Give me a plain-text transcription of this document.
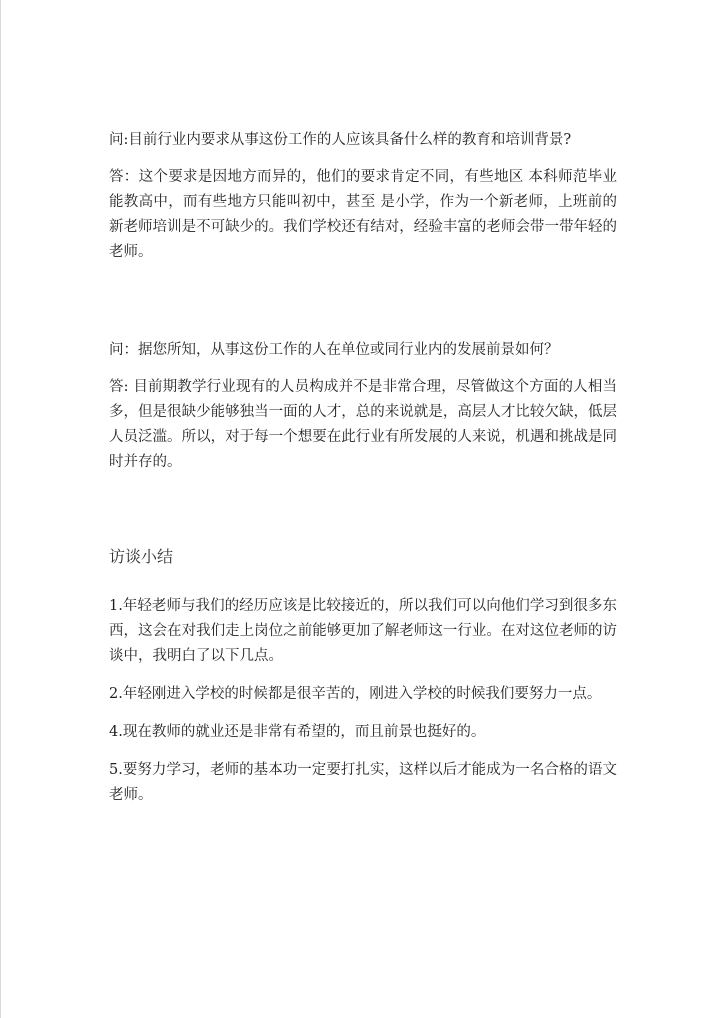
问:目前行业内要求从事这份工作的人应该具备什么样的教育和培训背景?

答：这个要求是因地方而异的，他们的要求肯定不同，有些地区 本科师范毕业能教高中，而有些地方只能叫初中，甚至 是小学，作为一个新老师，上班前的新老师培训是不可缺少的。我们学校还有结对，经验丰富的老师会带一带年轻的老师。

问：据您所知，从事这份工作的人在单位或同行业内的发展前景如何？

答: 目前期教学行业现有的人员构成并不是非常合理，尽管做这个方面的人相当多，但是很缺少能够独当一面的人才，总的来说就是，高层人才比较欠缺，低层人员泛滥。所以，对于每一个想要在此行业有所发展的人来说，机遇和挑战是同时并存的。

访谈小结

1.年轻老师与我们的经历应该是比较接近的，所以我们可以向他们学习到很多东西，这会在对我们走上岗位之前能够更加了解老师这一行业。在对这位老师的访谈中，我明白了以下几点。

2.年轻刚进入学校的时候都是很辛苦的，刚进入学校的时候我们要努力一点。

4.现在教师的就业还是非常有希望的，而且前景也挺好的。

5.要努力学习，老师的基本功一定要打扎实，这样以后才能成为一名合格的语文老师。
